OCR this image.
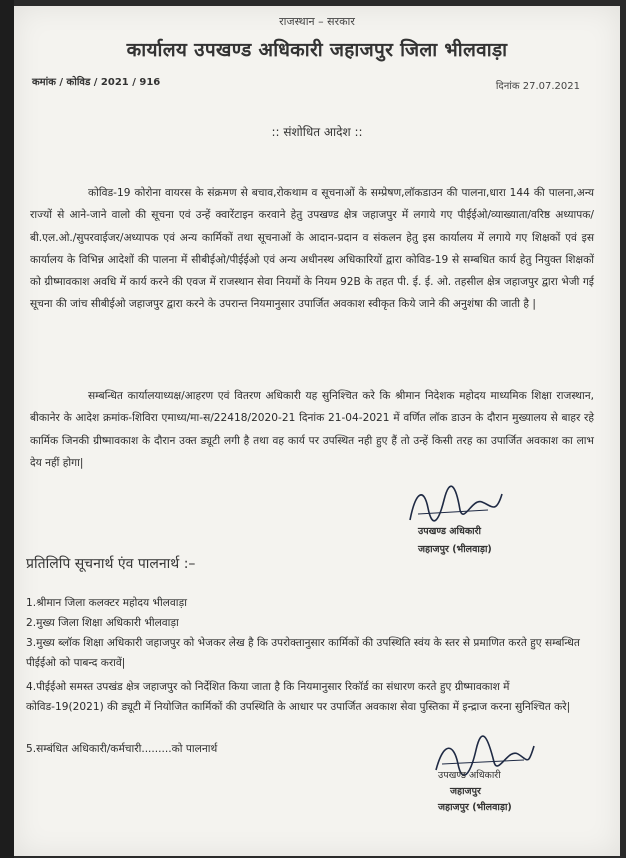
राजस्थान – सरकार
कार्यालय उपखण्ड अधिकारी जहाजपुर जिला भीलवाड़ा
कमांक / कोविड / 2021 / 916	दिनांक 27.07.2021
:: संशोधित आदेश ::
कोविड-19 कोरोना वायरस के संक्रमण से बचाव,रोकथाम व सूचनाओं के सम्प्रेषण,लॉकडाउन की पालना,धारा 144 की पालना,अन्य राज्यों से आने-जाने वालो की सूचना एवं उन्हें क्वारेंटाइन करवाने हेतु उपखण्ड क्षेत्र जहाजपुर में लगाये गए पीईईओ/व्याख्याता/वरिष्ठ अध्यापक/बी.एल.ओ./सुपरवाईजर/अध्यापक एवं अन्य कार्मिकों तथा सूचनाओं के आदान-प्रदान व संकलन हेतु इस कार्यालय में लगाये गए शिक्षकों एवं इस कार्यालय के विभिन्न आदेशों की पालना में सीबीईओ/पीईईओ एवं अन्य अधीनस्थ अधिकारियों द्वारा कोविड-19 से सम्बधित कार्य हेतु नियुक्त शिक्षकों को ग्रीष्मावकाश अवधि में कार्य करने की एवज में राजस्थान सेवा नियमों के नियम 92B के तहत पी. ई. ई. ओ. तहसील क्षेत्र जहाजपुर द्वारा भेजी गई सूचना की जांच सीबीईओ जहाजपुर द्वारा करने के उपरान्त नियमानुसार उपार्जित अवकाश स्वीकृत किये जाने की अनुशंषा की जाती है |
सम्बन्धित कार्यालयाध्यक्ष/आहरण एवं वितरण अधिकारी यह सुनिश्चित करे कि श्रीमान निदेशक महोदय माध्यमिक शिक्षा राजस्थान, बीकानेर के आदेश क्रमांक-शिविरा एमाध्य/मा-स/22418/2020-21 दिनांक 21-04-2021 में वर्णित लॉक डाउन के दौरान मुख्यालय से बाहर रहे कार्मिक जिनकी ग्रीष्मावकाश के दौरान उक्त ड्यूटी लगी है तथा वह कार्य पर उपस्थित नही हुए हैं तो उन्हें किसी तरह का उपार्जित अवकाश का लाभ देय नहीं होगा|
उपखण्ड अधिकारी
जहाजपुर (भीलवाड़ा)
प्रतिलिपि सूचनार्थ एंव पालनार्थ :–
1.श्रीमान जिला कलक्टर महोदय भीलवाड़ा
2.मुख्य जिला शिक्षा अधिकारी भीलवाड़ा
3.मुख्य ब्लॉक शिक्षा अधिकारी जहाजपुर को भेजकर लेख है कि उपरोक्तानुसार कार्मिकों की उपस्थिति स्वंय के स्तर से प्रमाणित करते हुए सम्बन्धित पीईईओ को पाबन्द करावें|
4.पीईईओ समस्त उपखंड क्षेत्र जहाजपुर को निर्देशित किया जाता है कि नियमानुसार रिकॉर्ड का संधारण करते हुए ग्रीष्मावकाश में कोविड-19(2021) की ड्यूटी में नियोजित कार्मिकों की उपस्थिति के आधार पर उपार्जित अवकाश सेवा पुस्तिका में इन्द्राज करना सुनिश्चित करे|
5.सम्बंधित अधिकारी/कर्मचारी.........को पालनार्थ
उपखण्ड अधिकारी
जहाजपुर
जहाजपुर (भीलवाड़ा)
